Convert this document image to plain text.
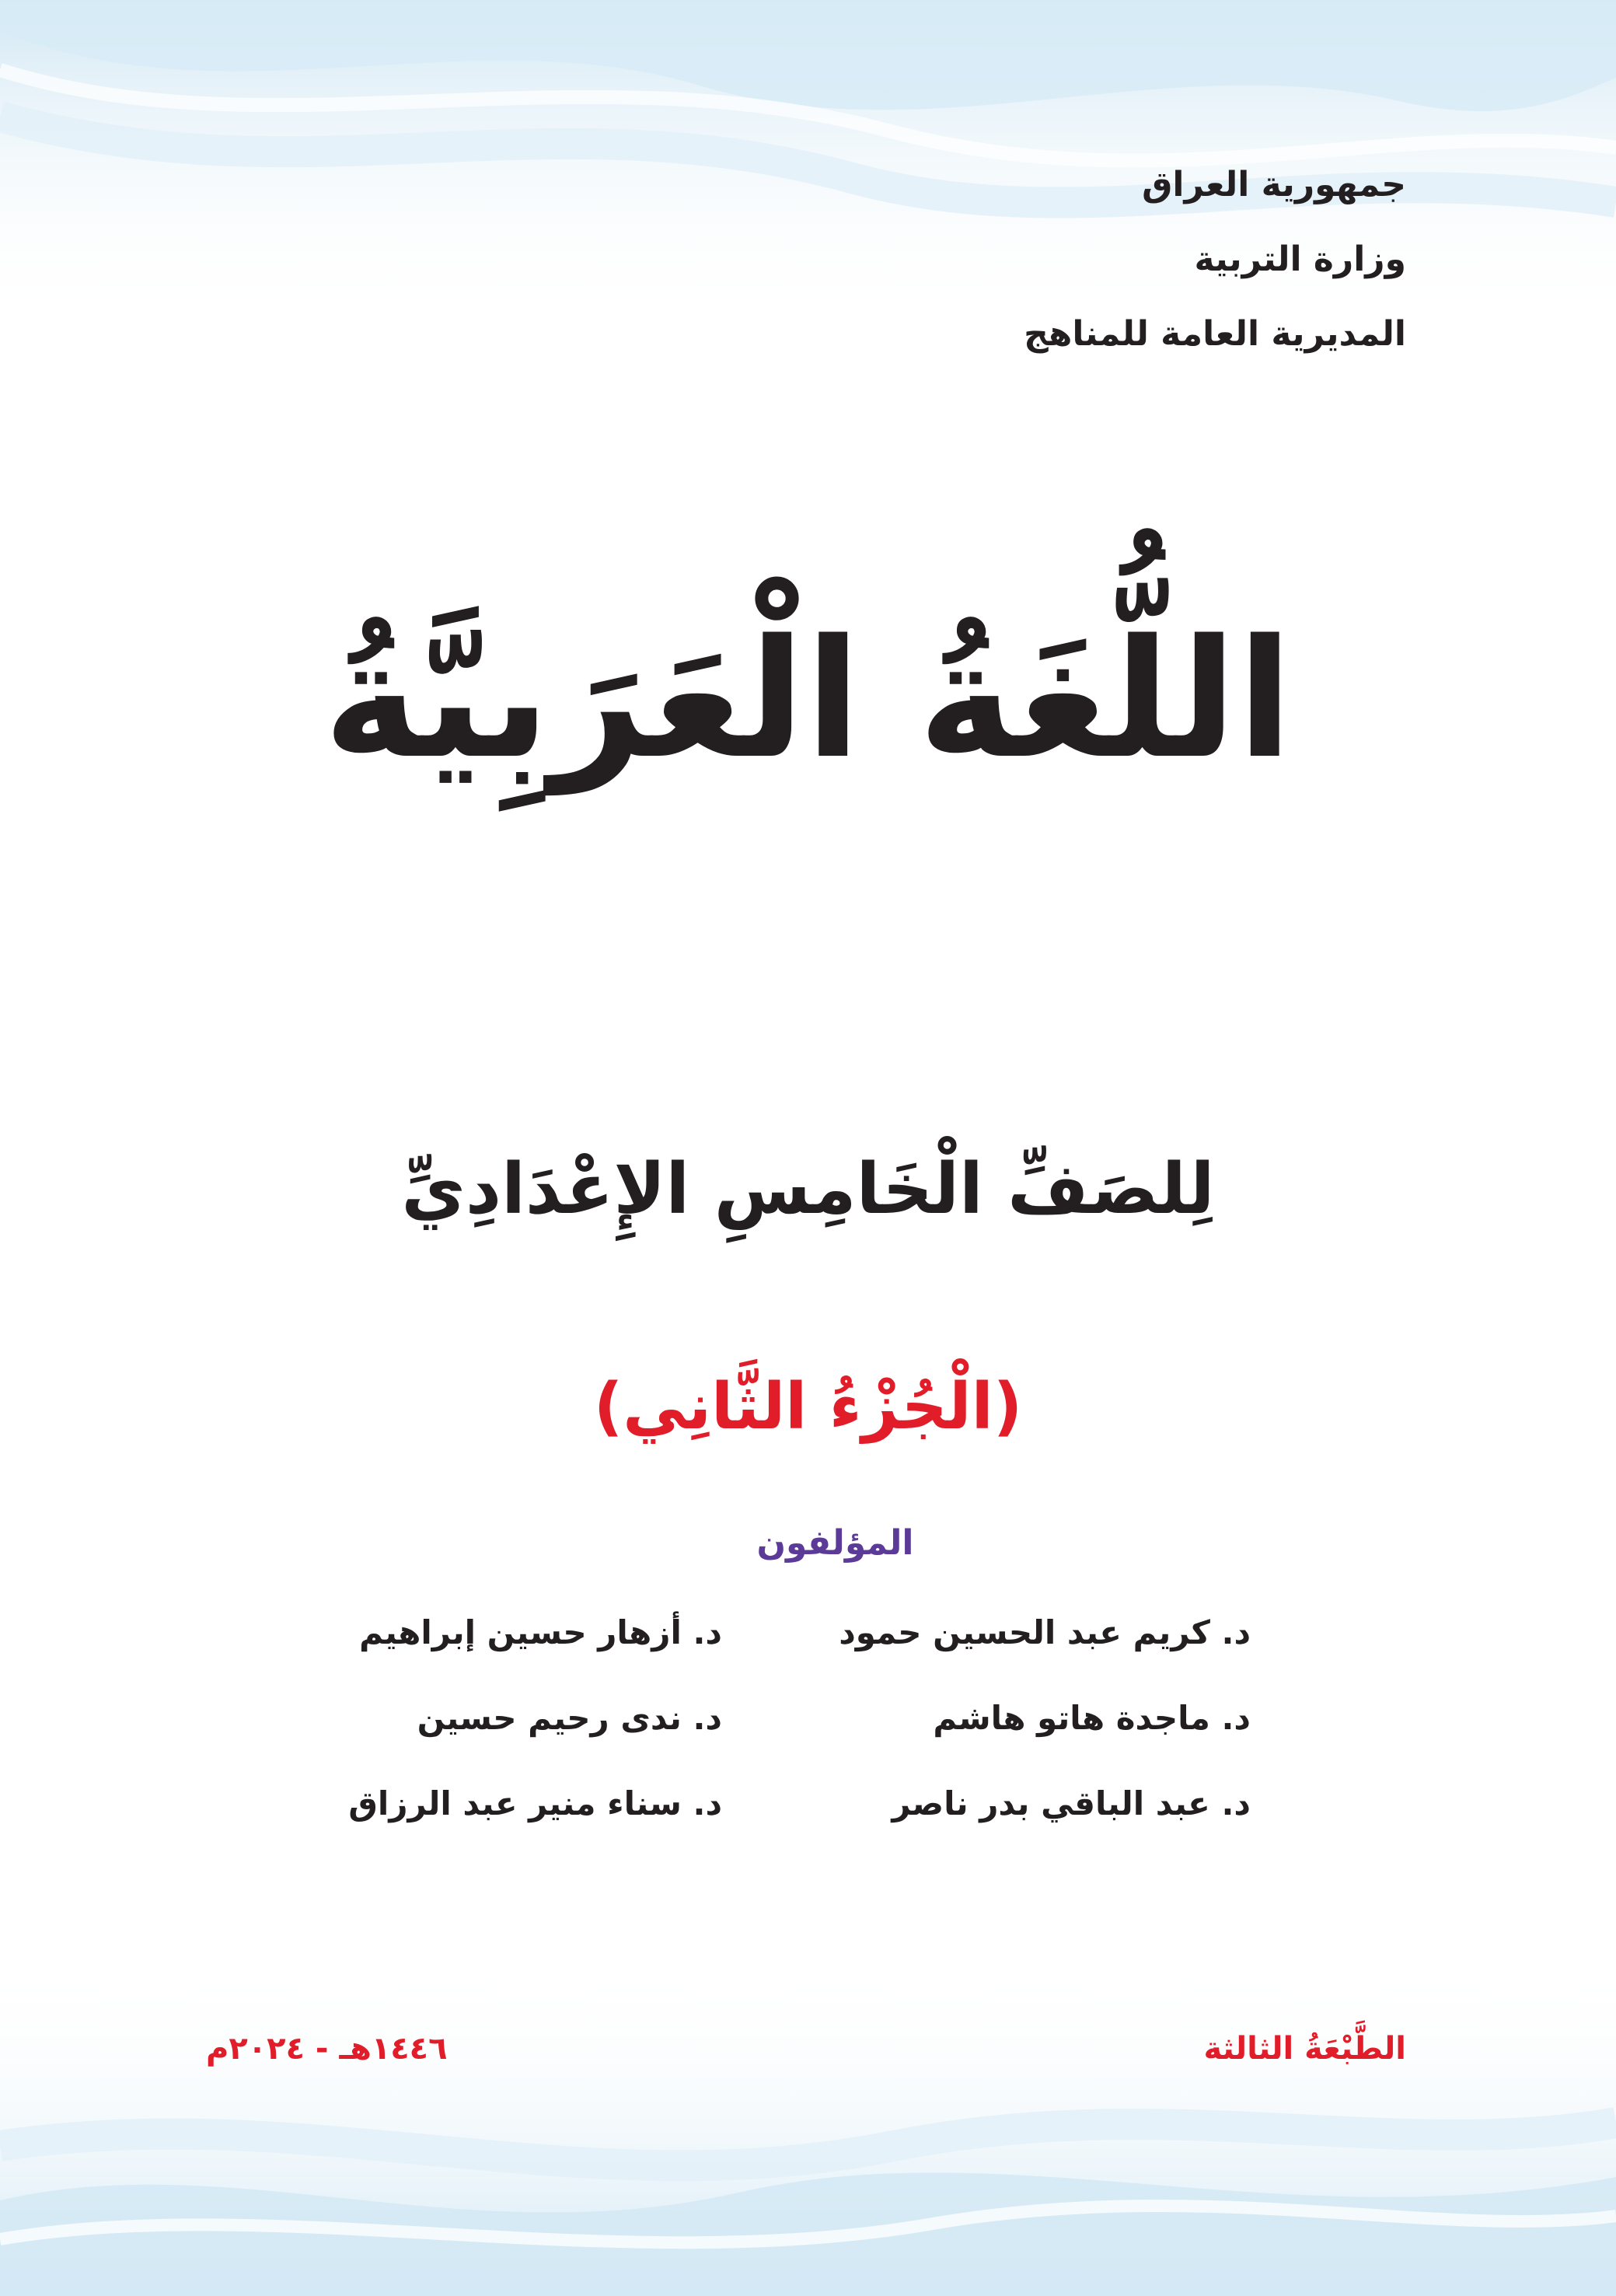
جمهورية العراق
وزارة التربية
المديرية العامة للمناهج
اللُّغَةُ الْعَرَبِيَّةُ
لِلصَفِّ الْخَامِسِ الإِعْدَادِيِّ
(الْجُزْءُ الثَّانِي)
المؤلفون
د. كريم عبد الحسين حمود
د. ماجدة هاتو هاشم
د. عبد الباقي بدر ناصر
د. أزهار حسين إبراهيم
د. ندى رحيم حسين
د. سناء منير عبد الرزاق
الطَّبْعَةُ الثالثة
١٤٤٦هـ - ٢٠٢٤م
